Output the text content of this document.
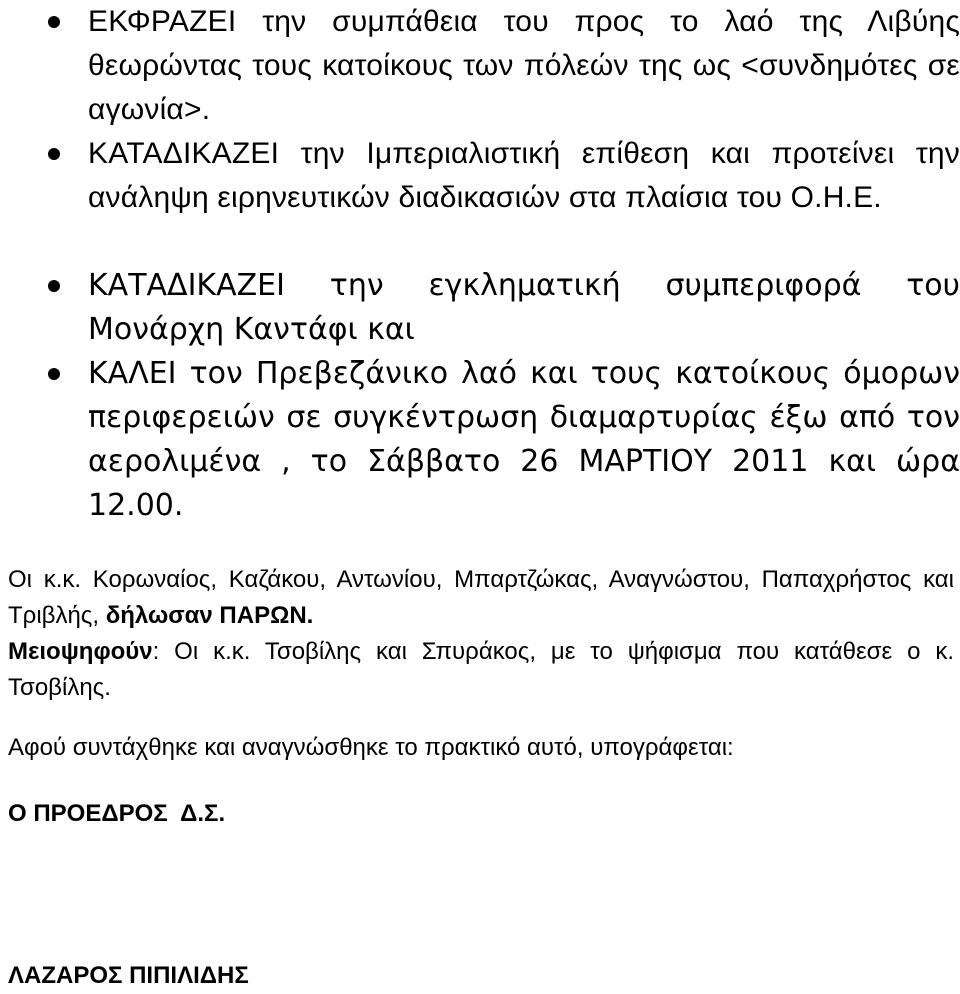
ΕΚΦΡΑΖΕΙ την συμπάθεια του προς το λαό της Λιβύης θεωρώντας τους κατοίκους των πόλεών της ως <συνδημότες σε αγωνία>.
ΚΑΤΑΔΙΚΑΖΕΙ την Ιμπεριαλιστική επίθεση και προτείνει την ανάληψη ειρηνευτικών διαδικασιών στα πλαίσια του Ο.Η.Ε.
ΚΑΤΑΔΙΚΑΖΕΙ την εγκληματική συμπεριφορά του Μονάρχη Καντάφι και
ΚΑΛΕΙ τον Πρεβεζάνικο λαό και τους κατοίκους όμορων περιφερειών σε συγκέντρωση διαμαρτυρίας έξω από τον αερολιμένα , το Σάββατο 26 ΜΑΡΤΙΟΥ 2011 και ώρα 12.00.
Οι κ.κ. Κορωναίος, Καζάκου, Αντωνίου, Μπαρτζώκας, Αναγνώστου, Παπαχρήστος και Τριβλής, δήλωσαν ΠΑΡΩΝ.
Μειοψηφούν: Οι κ.κ. Τσοβίλης και Σπυράκος, με το ψήφισμα που κατάθεσε ο κ. Τσοβίλης.
Αφού συντάχθηκε και αναγνώσθηκε το πρακτικό αυτό, υπογράφεται:
Ο ΠΡΟΕΔΡΟΣ  Δ.Σ.
ΛΑΖΑΡΟΣ ΠΙΠΙΛΙΔΗΣ
